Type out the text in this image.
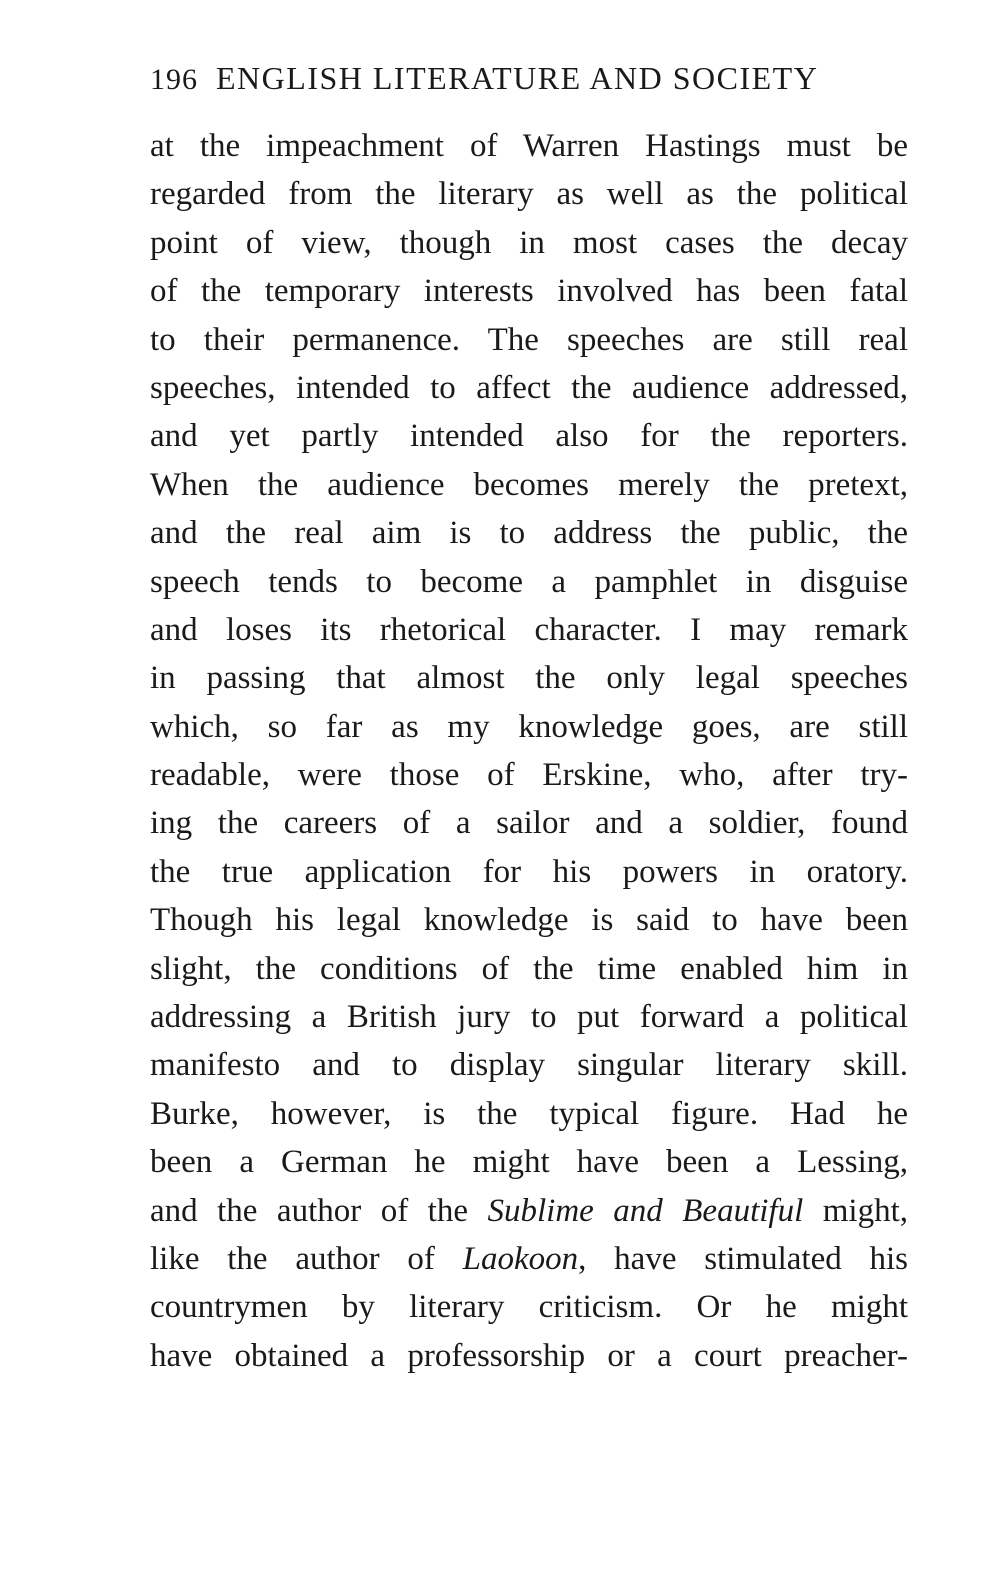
196 ENGLISH LITERATURE AND SOCIETY
at the impeachment of Warren Hastings must be
regarded from the literary as well as the political
point of view, though in most cases the decay
of the temporary interests involved has been fatal
to their permanence. The speeches are still real
speeches, intended to affect the audience addressed,
and yet partly intended also for the reporters.
When the audience becomes merely the pretext,
and the real aim is to address the public, the
speech tends to become a pamphlet in disguise
and loses its rhetorical character. I may remark
in passing that almost the only legal speeches
which, so far as my knowledge goes, are still
readable, were those of Erskine, who, after try-
ing the careers of a sailor and a soldier, found
the true application for his powers in oratory.
Though his legal knowledge is said to have been
slight, the conditions of the time enabled him in
addressing a British jury to put forward a political
manifesto and to display singular literary skill.
Burke, however, is the typical figure. Had he
been a German he might have been a Lessing,
and the author of the Sublime and Beautiful might,
like the author of Laokoon, have stimulated his
countrymen by literary criticism. Or he might
have obtained a professorship or a court preacher-
